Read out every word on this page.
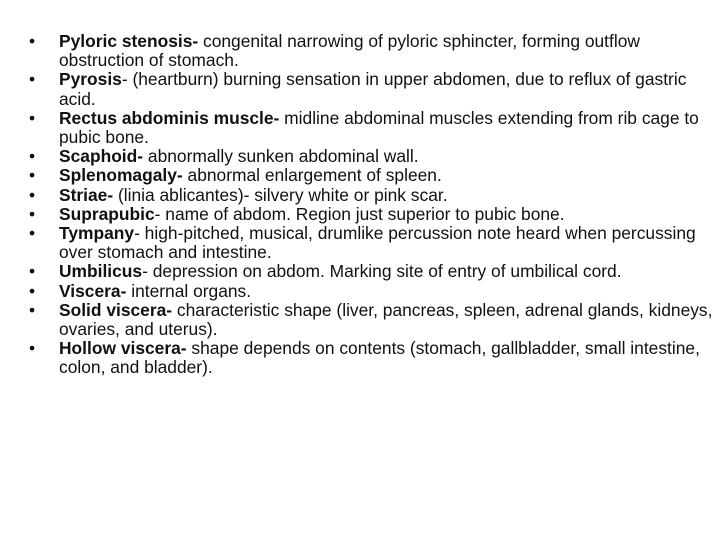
• Pyloric stenosis- congenital narrowing of pyloric sphincter, forming outflow obstruction of stomach.
• Pyrosis- (heartburn) burning sensation in upper abdomen, due to reflux of gastric acid.
• Rectus abdominis muscle- midline abdominal muscles extending from rib cage to pubic bone.
• Scaphoid- abnormally sunken abdominal wall.
• Splenomagaly- abnormal enlargement of spleen.
• Striae- (linia ablicantes)- silvery white or pink scar.
• Suprapubic- name of abdom. Region just superior to pubic bone.
• Tympany- high-pitched, musical, drumlike percussion note heard when percussing over stomach and intestine.
• Umbilicus- depression on abdom. Marking site of entry of umbilical cord.
• Viscera- internal organs.
• Solid viscera- characteristic shape (liver, pancreas, spleen, adrenal glands, kidneys, ovaries, and uterus).
• Hollow viscera- shape depends on contents (stomach, gallbladder, small intestine, colon, and bladder).
